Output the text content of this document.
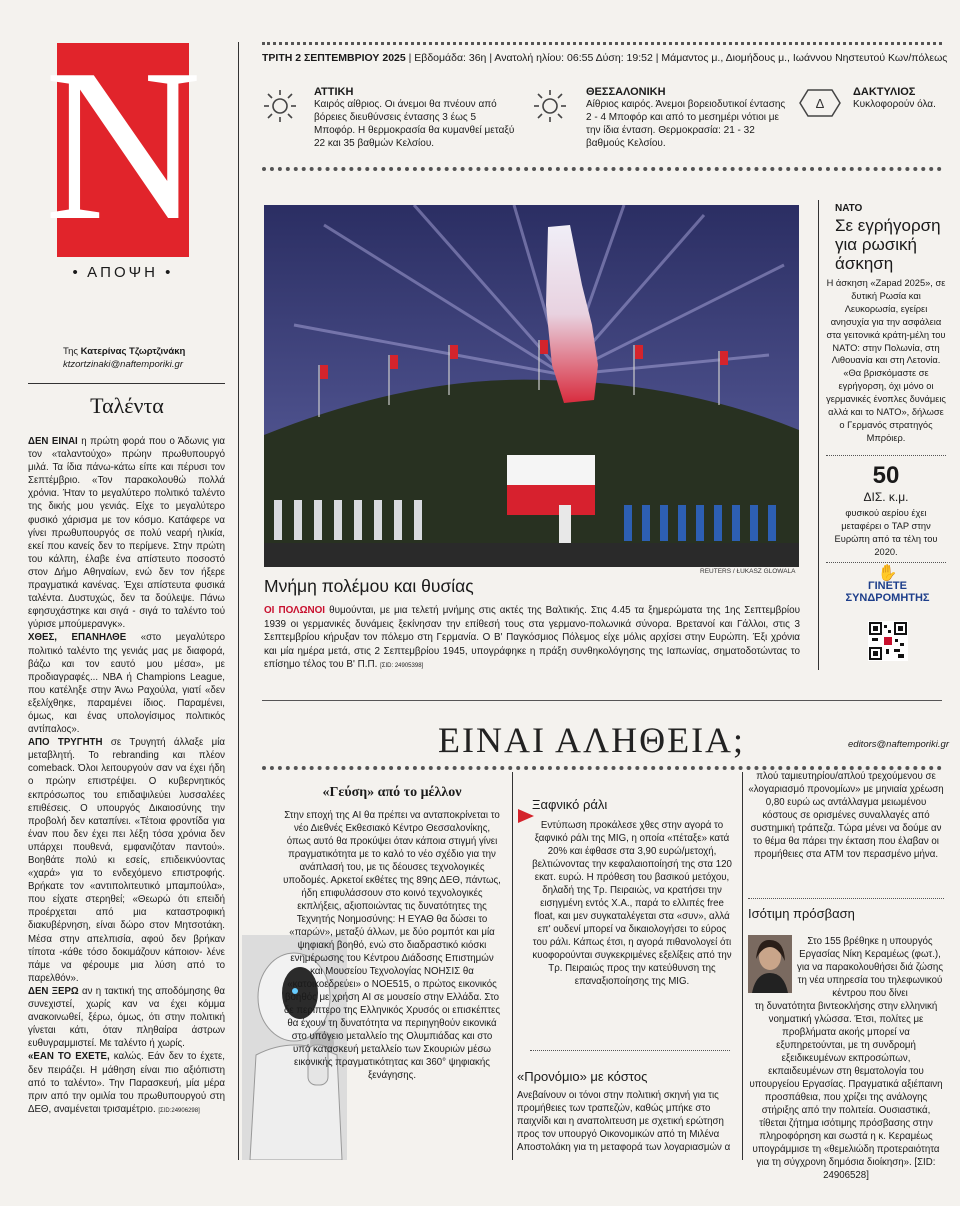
N
• ΑΠΟΨΗ •
Της Κατερίνας Τζωρτζινάκη
ktzortzinaki@naftemporiki.gr
Ταλέντα

ΔΕΝ ΕΙΝΑΙ η πρώτη φορά που ο Άδωνις για τον «ταλαντούχο» πρώην πρωθυπουργό μιλά. Τα ίδια πάνω-κάτω είπε και πέρυσι τον Σεπτέμβριο. «Τον παρακολουθώ πολλά χρόνια. Ήταν το μεγαλύτερο πολιτικό ταλέντο της δικής μου γενιάς. Είχε το μεγαλύτερο φυσικό χάρισμα με τον κόσμο. Κατάφερε να γίνει πρωθυπουργός σε πολύ νεαρή ηλικία, εκεί που κανείς δεν το περίμενε. Στην πρώτη του κάλπη, έλαβε ένα απίστευτο ποσοστό στον Δήμο Αθηναίων, ενώ δεν τον ήξερε πραγματικά κανένας. Έχει απίστευτα φυσικά ταλέντα. Δυστυχώς, δεν τα δούλεψε. Πάνω εφησυχάστηκε και σιγά - σιγά το ταλέντο τού γύρισε μπούμερανγκ».

ΧΘΕΣ, ΕΠΑΝΗΛΘΕ «στο μεγαλύτερο πολιτικό ταλέντο της γενιάς μας με διαφορά, βάζω και τον εαυτό μου μέσα», με προδιαγραφές... NBA ή Champions League, που κατέληξε στην Άνω Ραχούλα, γιατί «δεν εξελίχθηκε, παραμένει ίδιος. Παραμένει, όμως, και ένας υπολογίσιμος πολιτικός αντίπαλος».

ΑΠΟ ΤΡΥΓΗΤΗ σε Τρυγητή άλλαξε μία μεταβλητή. Το rebranding και πλέον comeback. Όλοι λειτουργούν σαν να έχει ήδη ο πρώην επιστρέψει. Ο κυβερνητικός εκπρόσωπος του επιδαψιλεύει λυσσαλέες επιθέσεις. Ο υπουργός Δικαιοσύνης την προβολή δεν καταπίνει. «Τέτοια φροντίδα για έναν που δεν έχει πει λέξη τόσα χρόνια δεν υπάρχει πουθενά, εμφανιζόταν παντού». Βοηθάτε πολύ κι εσείς, επιδεικνύοντας «χαρά» για το ενδεχόμενο επιστροφής. Βρήκατε τον «αντιπολιτευτικό μπαμπούλα», που είχατε στερηθεί; «Θεωρώ ότι επειδή προέρχεται από μια καταστροφική διακυβέρνηση, είναι δώρο στον Μητσοτάκη. Μέσα στην απελπισία, αφού δεν βρήκαν τίποτα -κάθε τόσο δοκιμάζουν κάποιον- λένε πάμε να φέρουμε μια λύση από το παρελθόν».

ΔΕΝ ΞΕΡΩ αν η τακτική της αποδόμησης θα συνεχιστεί, χωρίς καν να έχει κόμμα ανακοινωθεί, ξέρω, όμως, ότι στην πολιτική γίνεται κάτι, όταν πληθαίρα άστρων ευθυγραμμιστεί. Με ταλέντο ή χωρίς.

«ΕΑΝ ΤΟ ΕΧΕΤΕ, καλώς. Εάν δεν το έχετε, δεν πειράζει. Η μάθηση είναι πιο αξιόπιστη από το ταλέντο». Την Παρασκευή, μία μέρα πριν από την ομιλία του πρωθυπουργού στη ΔΕΘ, αναμένεται τρισαμέτριο. [ΣID:24906298]

ΤΡΙΤΗ 2 ΣΕΠΤΕΜΒΡΙΟΥ 2025 | Εβδομάδα: 36η | Ανατολή ηλίου: 06:55 Δύση: 19:52 | Μάμαντος μ., Διομήδους μ., Ιωάννου Νηστευτού Κων/πόλεως
ΑΤΤΙΚΗ
Καιρός αίθριος. Οι άνεμοι θα πνέουν από βόρειες διευθύνσεις έντασης 3 έως 5 Μποφόρ. Η θερμοκρασία θα κυμανθεί μεταξύ 22 και 35 βαθμών Κελσίου.
ΘΕΣΣΑΛΟΝΙΚΗ
Αίθριος καιρός. Άνεμοι βορειοδυτικοί έντασης 2 - 4 Μποφόρ και από το μεσημέρι νότιοι με την ίδια ένταση. Θερμοκρασία: 21 - 32 βαθμούς Κελσίου.
Δ
ΔΑΚΤΥΛΙΟΣ
Κυκλοφορούν όλα.
REUTERS / ŁUKASZ GLOWALA
Μνήμη πολέμου και θυσίας
ΟΙ ΠΟΛΩΝΟΙ θυμούνται, με μια τελετή μνήμης στις ακτές της Βαλτικής. Στις 4.45 τα ξημερώματα της 1ης Σεπτεμβρίου 1939 οι γερμανικές δυνάμεις ξεκίνησαν την επίθεσή τους στα γερμανο-πολωνικά σύνορα. Βρετανοί και Γάλλοι, στις 3 Σεπτεμβρίου κήρυξαν τον πόλεμο στη Γερμανία. Ο Β' Παγκόσμιος Πόλεμος είχε μόλις αρχίσει στην Ευρώπη. Έξι χρόνια και μία ημέρα μετά, στις 2 Σεπτεμβρίου 1945, υπογράφηκε η πράξη συνθηκολόγησης της Ιαπωνίας, σηματοδοτώντας το επίσημο τέλος του Β' Π.Π. [ΣID: 24905398]
ΝΑΤΟ
Σε εγρήγορση για ρωσική άσκηση
Η άσκηση «Zapad 2025», σε δυτική Ρωσία και Λευκορωσία, εγείρει ανησυχία για την ασφάλεια στα γειτονικά κράτη-μέλη του ΝΑΤΟ: στην Πολωνία, στη Λιθουανία και στη Λετονία. «Θα βρισκόμαστε σε εγρήγορση, όχι μόνο οι γερμανικές ένοπλες δυνάμεις αλλά και το ΝΑΤΟ», δήλωσε ο Γερμανός στρατηγός Μπρόιερ.
50
ΔΙΣ. κ.μ.
φυσικού αερίου έχει μεταφέρει ο TAP στην Ευρώπη από τα τέλη του 2020.
✋
ΓΙΝΕΤΕ
ΣΥΝΔΡΟΜΗΤΗΣ
ΕΙΝΑΙ ΑΛΗΘΕΙΑ;	editors@naftemporiki.gr
«Γεύση» από το μέλλον
Στην εποχή της AI θα πρέπει να ανταποκρίνεται το νέο Διεθνές Εκθεσιακό Κέντρο Θεσσαλονίκης, όπως αυτό θα προκύψει όταν κάποια στιγμή γίνει πραγματικότητα με το καλό το νέο σχέδιο για την ανάπλασή του, με τις δέουσες τεχνολογικές υποδομές. Αρκετοί εκθέτες της 89ης ΔΕΘ, πάντως, ήδη επιφυλάσσουν στο κοινό τεχνολογικές εκπλήξεις, αξιοποιώντας τις δυνατότητες της Τεχνητής Νοημοσύνης: Η ΕΥΑΘ θα δώσει το «παρών», μεταξύ άλλων, με δύο ρομπότ και μία ψηφιακή βοηθό, ενώ στο διαδραστικό κιόσκι ενημέρωσης του Κέντρου Διάδοσης Επιστημών και Μουσείου Τεχνολογίας ΝΟΗΣΙΣ θα «κατοικοεδρεύει» ο NOE515, ο πρώτος εικονικός βοηθός με χρήση AI σε μουσείο στην Ελλάδα. Στο δε περίπτερο της Ελληνικός Χρυσός οι επισκέπτες θα έχουν τη δυνατότητα να περιηγηθούν εικονικά στο υπόγειο μεταλλείο της Ολυμπιάδας και στο υπό κατασκευή μεταλλείο των Σκουριών μέσω εικονικής πραγματικότητας και 360° ψηφιακής ξενάγησης.
Ξαφνικό ράλι
Εντύπωση προκάλεσε χθες στην αγορά το ξαφνικό ράλι της MIG, η οποία «πέταξε» κατά 20% και έφθασε στα 3,90 ευρώ/μετοχή, βελτιώνοντας την κεφαλαιοποίησή της στα 120 εκατ. ευρώ. Η πρόθεση του βασικού μετόχου, δηλαδή της Τρ. Πειραιώς, να κρατήσει την εισηγμένη εντός Χ.Α., παρά το ελλιπές free float, και μεν συγκαταλέγεται στα «συν», αλλά επ' ουδενί μπορεί να δικαιολογήσει το εύρος του ράλι. Κάπως έτσι, η αγορά πιθανολογεί ότι κυοφορούνται συγκεκριμένες εξελίξεις από την Τρ. Πειραιώς προς την κατεύθυνση της επαναξιοποίησης της MIG.
«Προνόμιο» με κόστος
Ανεβαίνουν οι τόνοι στην πολιτική σκηνή για τις προμήθειες των τραπεζών, καθώς μπήκε στο παιχνίδι και η αναπολιτευση με σχετική ερώτηση προς τον υπουργό Οικονομικών από τη Μιλένα Αποστολάκη για τη μεταφορά των λογαριασμών α
πλού ταμιευτηρίου/απλού τρεχούμενου σε «λογαριασμό προνομίων» με μηνιαία χρέωση 0,80 ευρώ ως αντάλλαγμα μειωμένου κόστους σε ορισμένες συναλλαγές από συστημική τράπεζα. Τώρα μένει να δούμε αν το θέμα θα πάρει την έκταση που έλαβαν οι προμήθειες στα ATM τον περασμένο μήνα.
Ισότιμη πρόσβαση
Στο 155 βρέθηκε η υπουργός Εργασίας Νίκη Κεραμέως (φωτ.), για να παρακολουθήσει διά ζώσης τη νέα υπηρεσία του τηλεφωνικού κέντρου που δίνει
τη δυνατότητα βιντεοκλήσης στην ελληνική νοηματική γλώσσα. Έτσι, πολίτες με προβλήματα ακοής μπορεί να εξυπηρετούνται, με τη συνδρομή εξειδικευμένων εκπροσώπων, εκπαιδευμένων στη θεματολογία του υπουργείου Εργασίας. Πραγματικά αξιέπαινη προσπάθεια, που χρίζει της ανάλογης στήριξης από την πολιτεία. Ουσιαστικά, τίθεται ζήτημα ισότιμης πρόσβασης στην πληροφόρηση και σωστά η κ. Κεραμέως υπογράμμισε τη «θεμελιώδη προτεραιότητα για τη σύγχρονη δημόσια διοίκηση». [ΣID: 24906528]
